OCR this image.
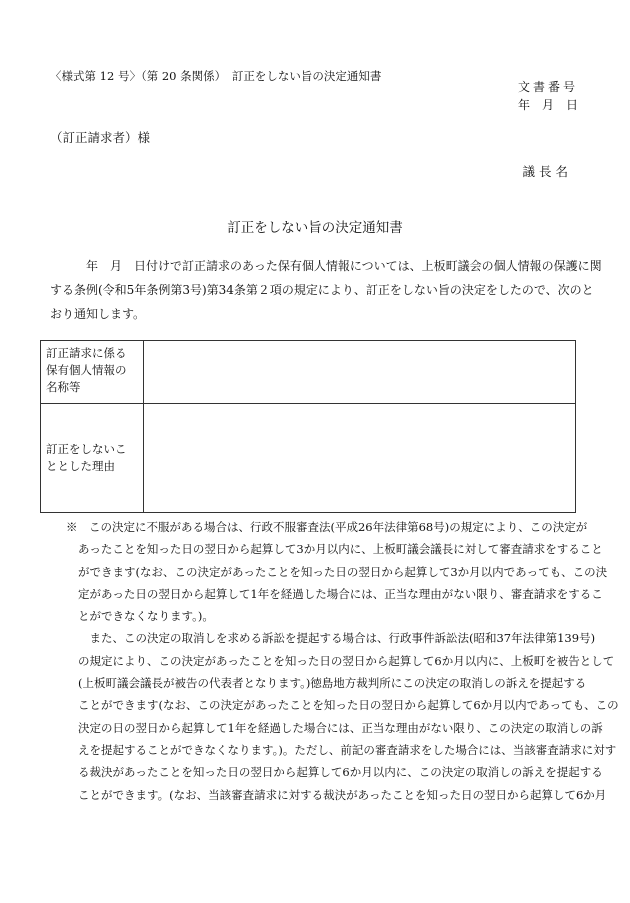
〈様式第 12 号〉（第 20 条関係）　訂正をしない旨の決定通知書
文書番号
年　月　日
（訂正請求者）様
議長名
訂正をしない旨の決定通知書
　　　年　月　日付けで訂正請求のあった保有個人情報については、上板町議会の個人情報の保護に関
する条例(令和5年条例第3号)第34条第２項の規定により、訂正をしない旨の決定をしたので、次のと
おり通知します。
訂正請求に係る
保有個人情報の
名称等	

訂正をしないこ
ととした理由	

※　この決定に不服がある場合は、行政不服審査法(平成26年法律第68号)の規定により、この決定が
あったことを知った日の翌日から起算して3か月以内に、上板町議会議長に対して審査請求をすること
ができます(なお、この決定があったことを知った日の翌日から起算して3か月以内であっても、この決
定があった日の翌日から起算して1年を経過した場合には、正当な理由がない限り、審査請求をするこ
とができなくなります。)。
　また、この決定の取消しを求める訴訟を提起する場合は、行政事件訴訟法(昭和37年法律第139号)
の規定により、この決定があったことを知った日の翌日から起算して6か月以内に、上板町を被告として
(上板町議会議長が被告の代表者となります。)徳島地方裁判所にこの決定の取消しの訴えを提起する
ことができます(なお、この決定があったことを知った日の翌日から起算して6か月以内であっても、この
決定の日の翌日から起算して1年を経過した場合には、正当な理由がない限り、この決定の取消しの訴
えを提起することができなくなります。)。ただし、前記の審査請求をした場合には、当該審査請求に対す
る裁決があったことを知った日の翌日から起算して6か月以内に、この決定の取消しの訴えを提起する
ことができます。(なお、当該審査請求に対する裁決があったことを知った日の翌日から起算して6か月
